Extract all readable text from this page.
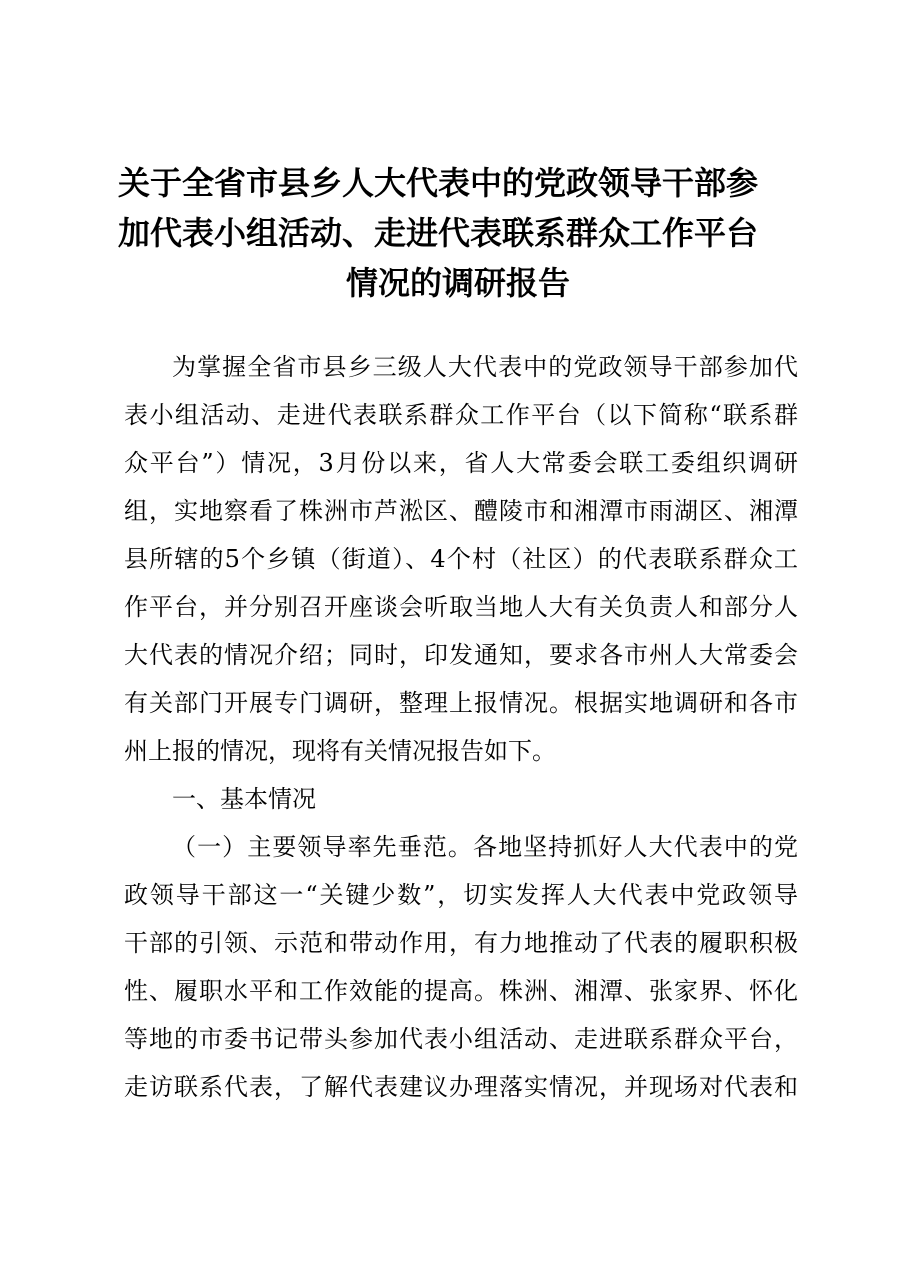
关于全省市县乡人大代表中的党政领导干部参
加代表小组活动、走进代表联系群众工作平台
情况的调研报告
为掌握全省市县乡三级人大代表中的党政领导干部参加代
表小组活动、走进代表联系群众工作平台（以下简称“联系群
众平台”）情况，3月份以来，省人大常委会联工委组织调研
组，实地察看了株洲市芦淞区、醴陵市和湘潭市雨湖区、湘潭
县所辖的5个乡镇（街道）、4个村（社区）的代表联系群众工
作平台，并分别召开座谈会听取当地人大有关负责人和部分人
大代表的情况介绍；同时，印发通知，要求各市州人大常委会
有关部门开展专门调研，整理上报情况。根据实地调研和各市
州上报的情况，现将有关情况报告如下。
一、基本情况
（一）主要领导率先垂范。各地坚持抓好人大代表中的党
政领导干部这一“关键少数”，切实发挥人大代表中党政领导
干部的引领、示范和带动作用，有力地推动了代表的履职积极
性、履职水平和工作效能的提高。株洲、湘潭、张家界、怀化
等地的市委书记带头参加代表小组活动、走进联系群众平台，
走访联系代表，了解代表建议办理落实情况，并现场对代表和
